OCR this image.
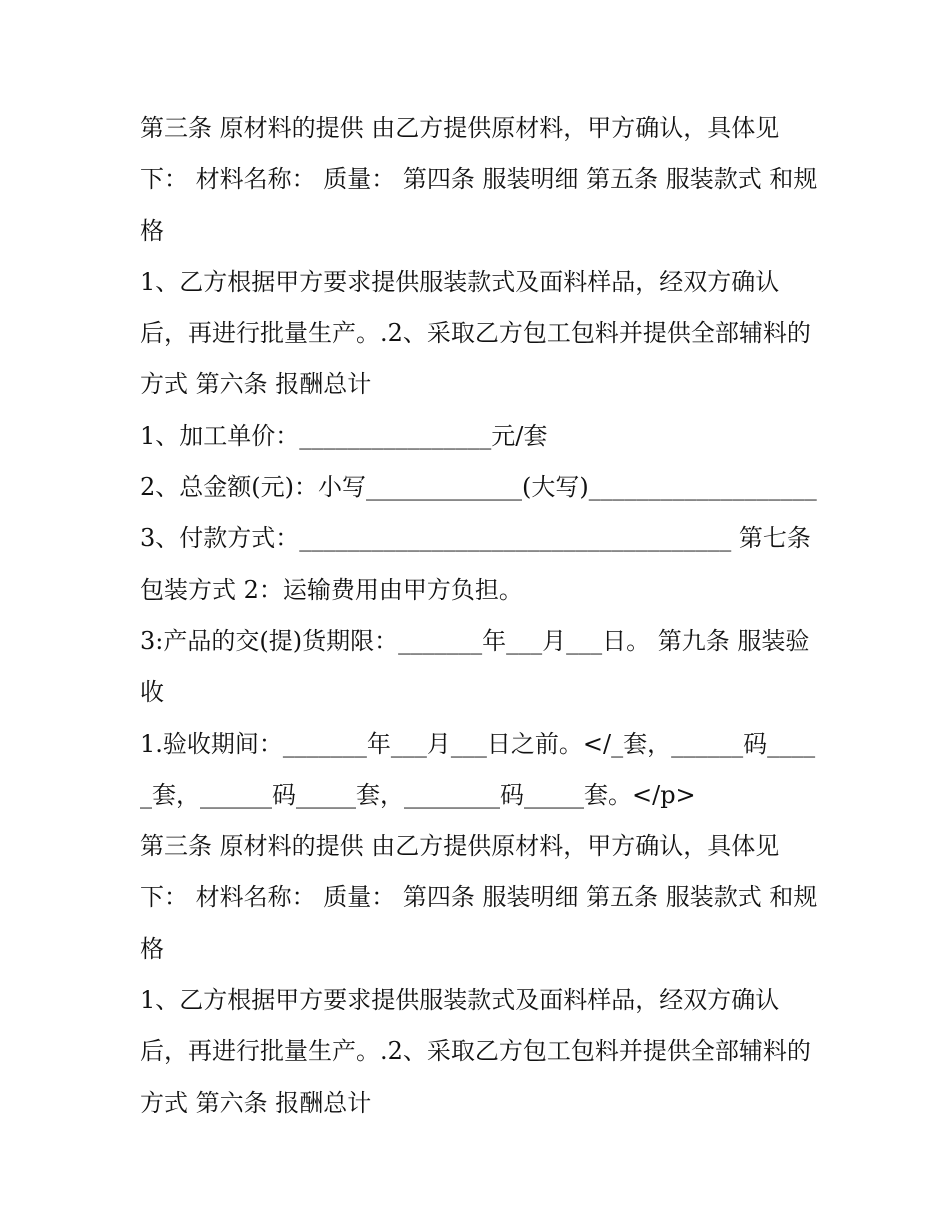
第三条 原材料的提供 由乙方提供原材料，甲方确认，具体见下： 材料名称： 质量： 第四条 服装明细 第五条 服装款式 和规格

1、乙方根据甲方要求提供服装款式及面料样品，经双方确认后，再进行批量生产。.2、采取乙方包工包料并提供全部辅料的方式 第六条 报酬总计

1、加工单价：________________元/套

2、总金额(元)：小写_____________(大写)___________________

3、付款方式：____________________________________ 第七条 包装方式 2：运输费用由甲方负担。

3:产品的交(提)货期限：_______年___月___日。 第九条 服装验收

1.验收期间：_______年___月___日之前。</_套，______码_____套，______码_____套，________码_____套。</p>

第三条 原材料的提供 由乙方提供原材料，甲方确认，具体见下： 材料名称： 质量： 第四条 服装明细 第五条 服装款式 和规格

1、乙方根据甲方要求提供服装款式及面料样品，经双方确认后，再进行批量生产。.2、采取乙方包工包料并提供全部辅料的方式 第六条 报酬总计
